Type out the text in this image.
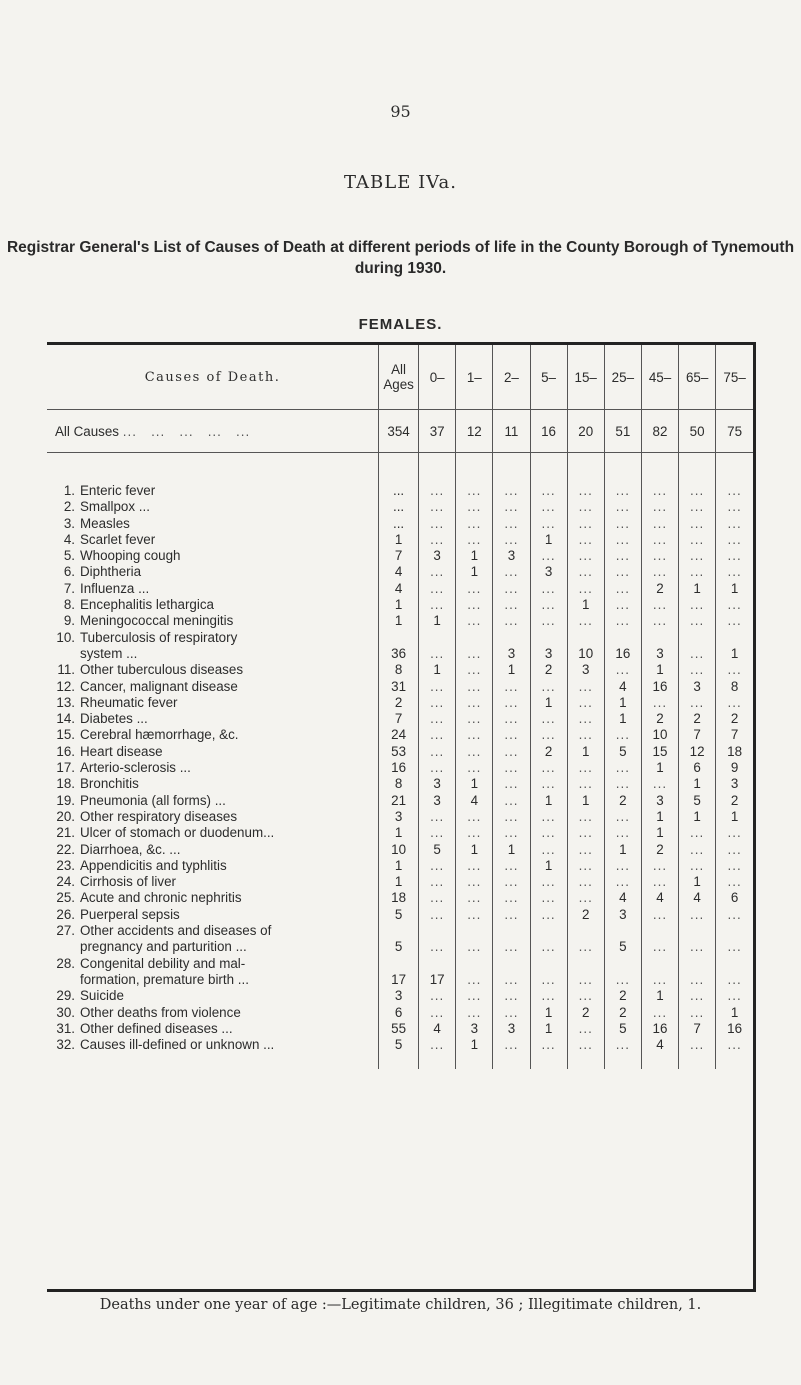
95
TABLE IVa.
Registrar General's List of Causes of Death at different periods of life in the County Borough of Tynemouth during 1930.
FEMALES.
Causes of Death.	All Ages	0–	1–	2–	5–	15–	25–	45–	65–	75–
All Causes ...   ...   ...   ...   ...	354	37	12	11	16	20	51	82	50	75

1. Enteric fever	...	...	...	...	...	...	...	...	...	...
2. Smallpox ...	...	...	...	...	...	...	...	...	...	...
3. Measles	...	...	...	...	...	...	...	...	...	...
4. Scarlet fever	1	...	...	...	1	...	...	...	...	...
5. Whooping cough	7	3	1	3	...	...	...	...	...	...
6. Diphtheria	4	...	1	...	3	...	...	...	...	...
7. Influenza ...	4	...	...	...	...	...	...	2	1	1
8. Encephalitis lethargica	1	...	...	...	...	1	...	...	...	...
9. Meningococcal meningitis	1	1	...	...	...	...	...	...	...	...
10. Tuberculosis of respiratory
system ...	36	...	...	3	3	10	16	3	...	1
11. Other tuberculous diseases	8	1	...	1	2	3	...	1	...	...
12. Cancer, malignant disease	31	...	...	...	...	...	4	16	3	8
13. Rheumatic fever	2	...	...	...	1	...	1	...	...	...
14. Diabetes ...	7	...	...	...	...	...	1	2	2	2
15. Cerebral hæmorrhage, &c.	24	...	...	...	...	...	...	10	7	7
16. Heart disease	53	...	...	...	2	1	5	15	12	18
17. Arterio-sclerosis ...	16	...	...	...	...	...	...	1	6	9
18. Bronchitis	8	3	1	...	...	...	...	...	1	3
19. Pneumonia (all forms) ...	21	3	4	...	1	1	2	3	5	2
20. Other respiratory diseases	3	...	...	...	...	...	...	1	1	1
21. Ulcer of stomach or duodenum...	1	...	...	...	...	...	...	1	...	...
22. Diarrhoea, &c. ...	10	5	1	1	...	...	1	2	...	...
23. Appendicitis and typhlitis	1	...	...	...	1	...	...	...	...	...
24. Cirrhosis of liver	1	...	...	...	...	...	...	...	1	...
25. Acute and chronic nephritis	18	...	...	...	...	...	4	4	4	6
26. Puerperal sepsis	5	...	...	...	...	2	3	...	...	...
27. Other accidents and diseases of
pregnancy and parturition ...	5	...	...	...	...	...	5	...	...	...
28. Congenital debility and mal-
formation, premature birth ...	17	17	...	...	...	...	...	...	...	...
29. Suicide	3	...	...	...	...	...	2	1	...	...
30. Other deaths from violence	6	...	...	...	1	2	2	...	...	1
31. Other defined diseases ...	55	4	3	3	1	...	5	16	7	16
32. Causes ill-defined or unknown ...	5	...	1	...	...	...	...	4	...	...

Deaths under one year of age :—Legitimate children, 36 ; Illegitimate children, 1.
